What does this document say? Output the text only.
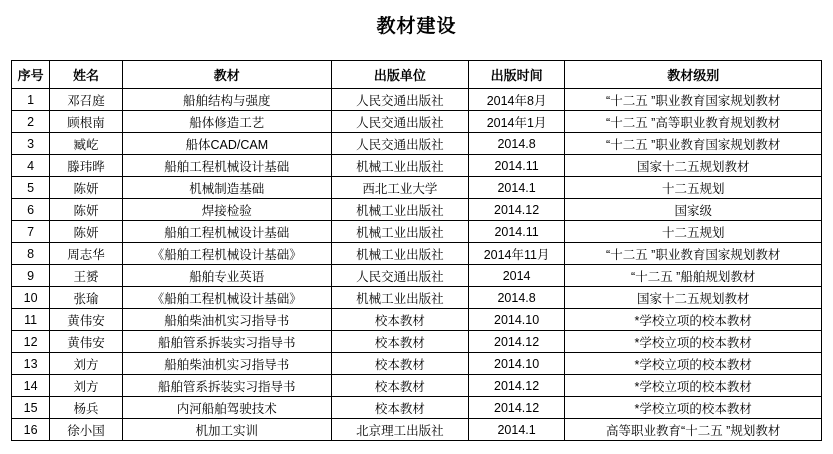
教材建设
序号	姓名	教材	出版单位	出版时间	教材级别
1	邓召庭	船舶结构与强度	人民交通出版社	2014年8月	“十二五 ”职业教育国家规划教材
2	顾根南	船体修造工艺	人民交通出版社	2014年1月	“十二五 ”高等职业教育规划教材
3	臧屹	船体CAD/CAM	人民交通出版社	2014.8	“十二五 ”职业教育国家规划教材
4	滕玮晔	船舶工程机械设计基础	机械工业出版社	2014.11	国家十二五规划教材
5	陈妍	机械制造基础	西北工业大学	2014.1	十二五规划
6	陈妍	焊接检验	机械工业出版社	2014.12	国家级
7	陈妍	船舶工程机械设计基础	机械工业出版社	2014.11	十二五规划
8	周志华	《船舶工程机械设计基础》	机械工业出版社	2014年11月	“十二五 ”职业教育国家规划教材
9	王赟	船舶专业英语	人民交通出版社	2014	“十二五 ”船舶规划教材
10	张瑜	《船舶工程机械设计基础》	机械工业出版社	2014.8	国家十二五规划教材
11	黄伟安	船舶柴油机实习指导书	校本教材	2014.10	*学校立项的校本教材
12	黄伟安	船舶管系拆装实习指导书	校本教材	2014.12	*学校立项的校本教材
13	刘方	船舶柴油机实习指导书	校本教材	2014.10	*学校立项的校本教材
14	刘方	船舶管系拆装实习指导书	校本教材	2014.12	*学校立项的校本教材
15	杨兵	内河船舶驾驶技术	校本教材	2014.12	*学校立项的校本教材
16	徐小国	机加工实训	北京理工出版社	2014.1	高等职业教育“十二五 ”规划教材
